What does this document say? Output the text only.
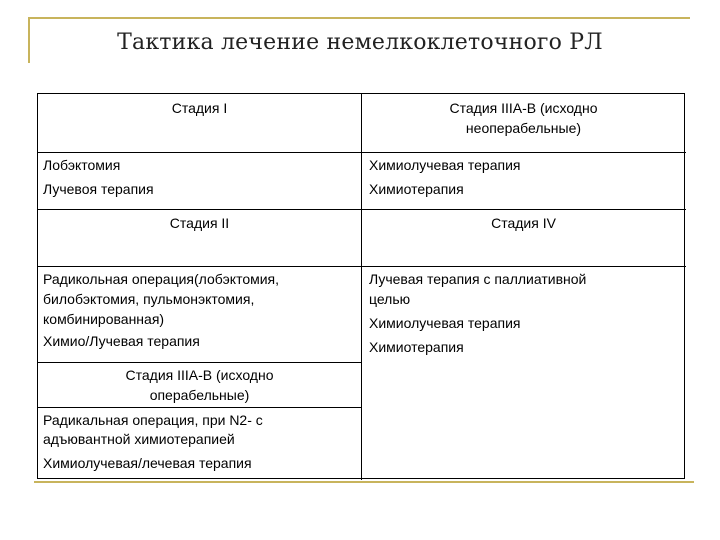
Тактика лечение немелкоклеточного РЛ
Стадия I	Стадия IIIA-B (исходно
неоперабельные)
Лобэктомия
Лучевоя терапия
Химиолучевая терапия
Химиотерапия
Стадия II	Стадия IV
Радикольная операция(лобэктомия,
билобэктомия, пульмонэктомия,
комбинированная)
Химио/Лучевая терапия
Лучевая терапия с паллиативной
целью
Химиолучевая терапия
Химиотерапия
Стадия IIIA-B (исходно
операбельные)
Радикальная операция, при N2- с
адъювантной химиотерапией
Химиолучевая/лечевая терапия
